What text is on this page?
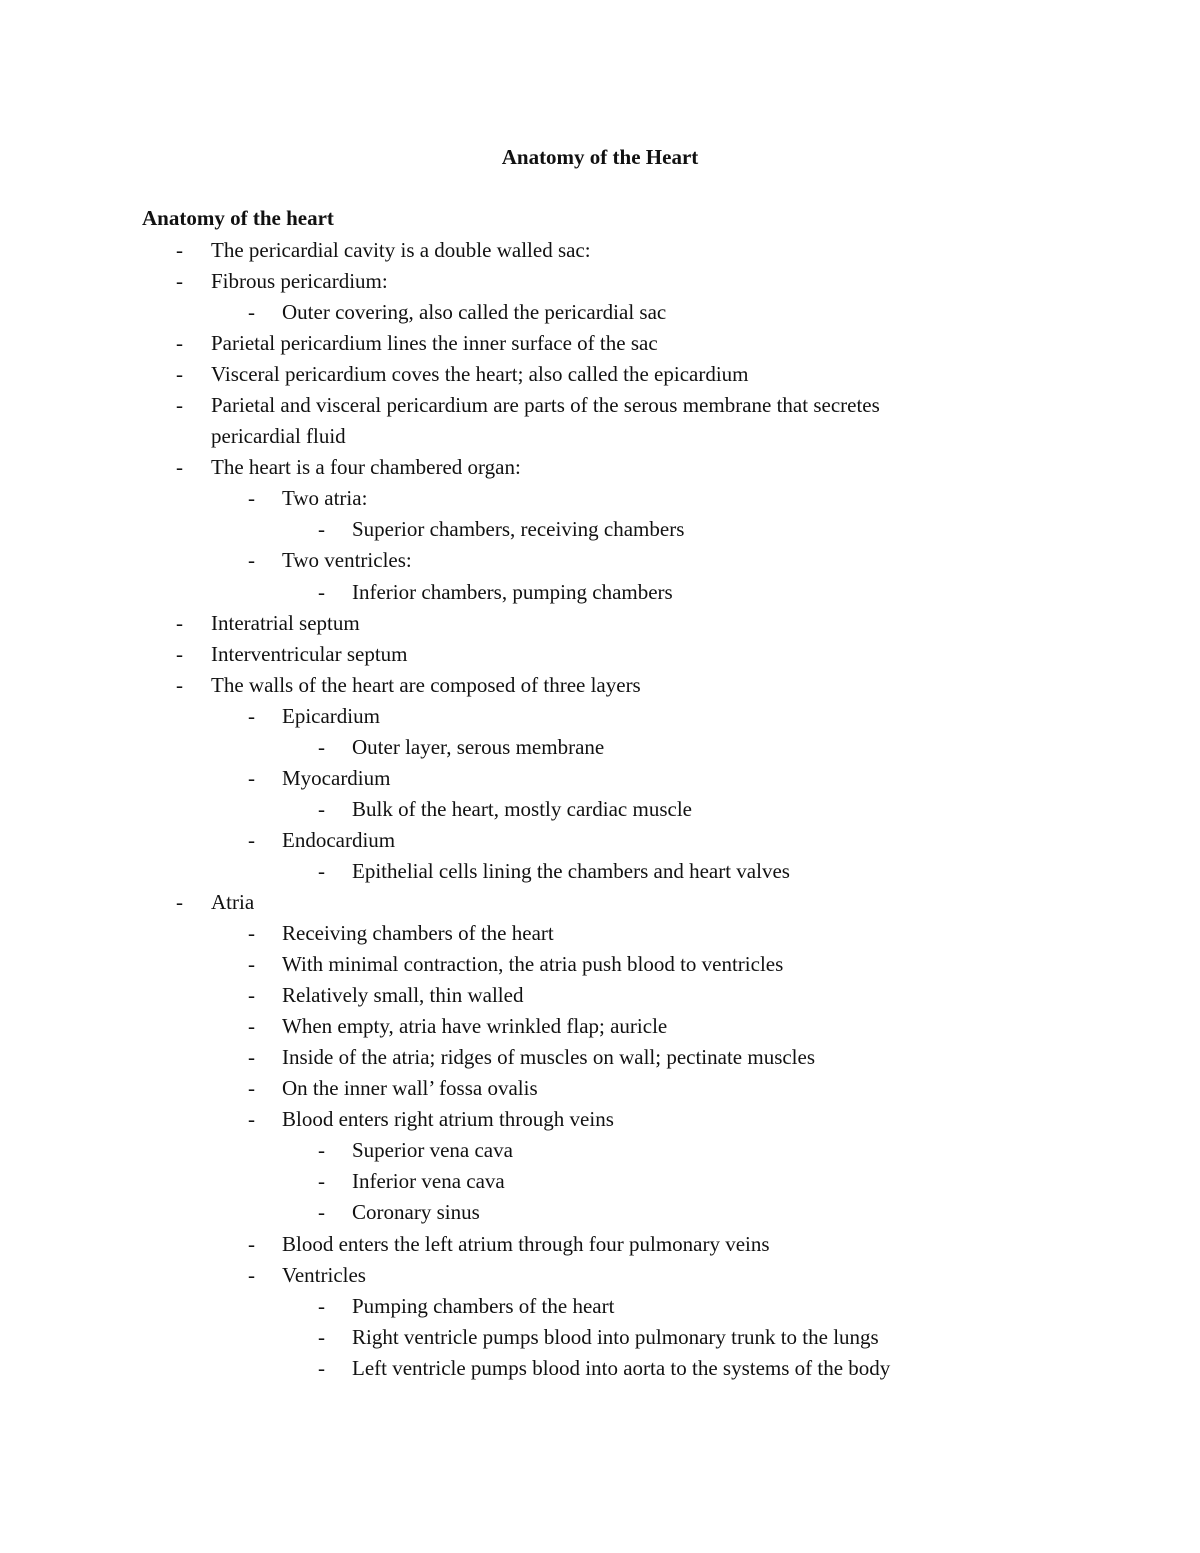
Anatomy of the Heart
Anatomy of the heart
- The pericardial cavity is a double walled sac:
- Fibrous pericardium:
- Outer covering, also called the pericardial sac
- Parietal pericardium lines the inner surface of the sac
- Visceral pericardium coves the heart; also called the epicardium
- Parietal and visceral pericardium are parts of the serous membrane that secretes pericardial fluid
- The heart is a four chambered organ:
- Two atria:
- Superior chambers, receiving chambers
- Two ventricles:
- Inferior chambers, pumping chambers
- Interatrial septum
- Interventricular septum
- The walls of the heart are composed of three layers
- Epicardium
- Outer layer, serous membrane
- Myocardium
- Bulk of the heart, mostly cardiac muscle
- Endocardium
- Epithelial cells lining the chambers and heart valves
- Atria
- Receiving chambers of the heart
- With minimal contraction, the atria push blood to ventricles
- Relatively small, thin walled
- When empty, atria have wrinkled flap; auricle
- Inside of the atria; ridges of muscles on wall; pectinate muscles
- On the inner wall’ fossa ovalis
- Blood enters right atrium through veins
- Superior vena cava
- Inferior vena cava
- Coronary sinus
- Blood enters the left atrium through four pulmonary veins
- Ventricles
- Pumping chambers of the heart
- Right ventricle pumps blood into pulmonary trunk to the lungs
- Left ventricle pumps blood into aorta to the systems of the body
